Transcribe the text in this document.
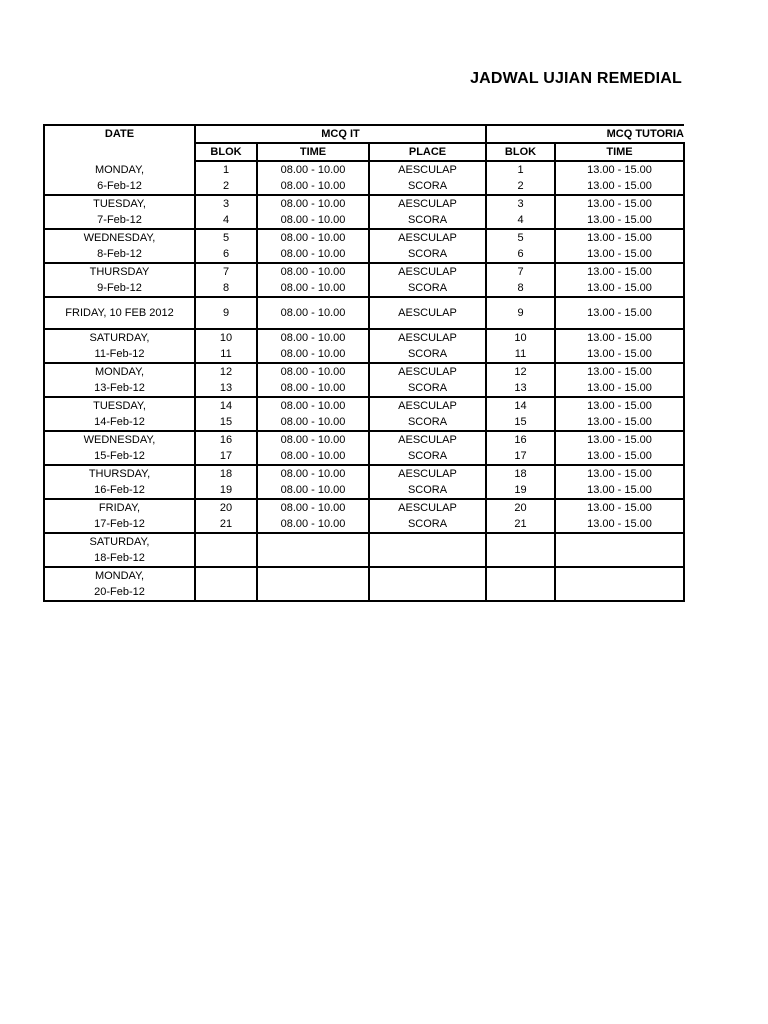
JADWAL UJIAN REMEDIAL
DATE	MCQ IT			MCQ TUTORIA	
	BLOK	TIME	PLACE	BLOK	TIME

MONDAY,
6-Feb-12	1	08.00 - 10.00	AESCULAP	1	13.00 - 15.00
	2	08.00 - 10.00	SCORA	2	13.00 - 15.00

TUESDAY,
7-Feb-12	3	08.00 - 10.00	AESCULAP	3	13.00 - 15.00
	4	08.00 - 10.00	SCORA	4	13.00 - 15.00

WEDNESDAY,
8-Feb-12	5	08.00 - 10.00	AESCULAP	5	13.00 - 15.00
	6	08.00 - 10.00	SCORA	6	13.00 - 15.00

THURSDAY
9-Feb-12	7	08.00 - 10.00	AESCULAP	7	13.00 - 15.00
	8	08.00 - 10.00	SCORA	8	13.00 - 15.00

FRIDAY, 10 FEB 2012	9	08.00 - 10.00	AESCULAP	9	13.00 - 15.00

SATURDAY,
11-Feb-12	10	08.00 - 10.00	AESCULAP	10	13.00 - 15.00
	11	08.00 - 10.00	SCORA	11	13.00 - 15.00

MONDAY,
13-Feb-12	12	08.00 - 10.00	AESCULAP	12	13.00 - 15.00
	13	08.00 - 10.00	SCORA	13	13.00 - 15.00

TUESDAY,
14-Feb-12	14	08.00 - 10.00	AESCULAP	14	13.00 - 15.00
	15	08.00 - 10.00	SCORA	15	13.00 - 15.00

WEDNESDAY,
15-Feb-12	16	08.00 - 10.00	AESCULAP	16	13.00 - 15.00
	17	08.00 - 10.00	SCORA	17	13.00 - 15.00

THURSDAY,
16-Feb-12	18	08.00 - 10.00	AESCULAP	18	13.00 - 15.00
	19	08.00 - 10.00	SCORA	19	13.00 - 15.00

FRIDAY,
17-Feb-12	20	08.00 - 10.00	AESCULAP	20	13.00 - 15.00
	21	08.00 - 10.00	SCORA	21	13.00 - 15.00

SATURDAY,
18-Feb-12					

MONDAY,
20-Feb-12					
